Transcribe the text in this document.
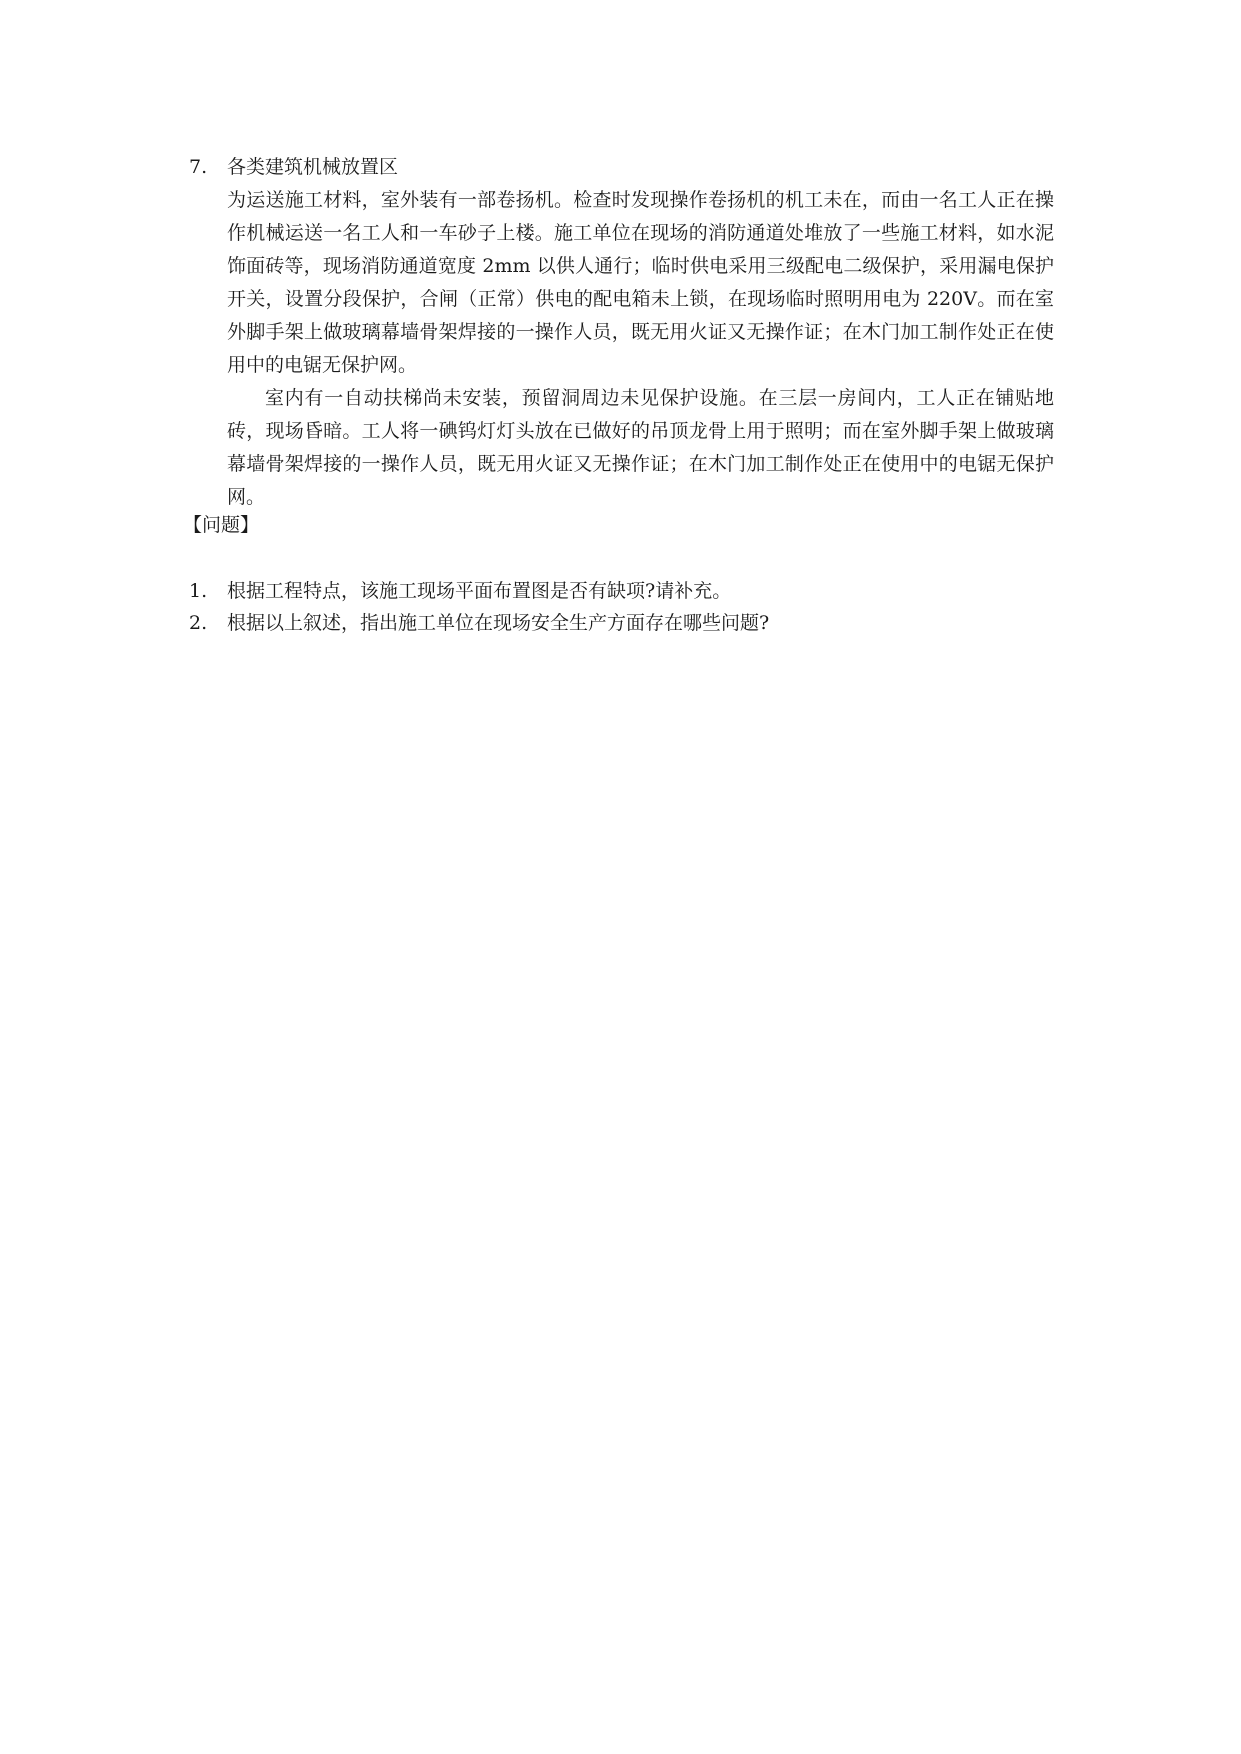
7. 各类建筑机械放置区
为运送施工材料，室外装有一部卷扬机。检查时发现操作卷扬机的机工未在，而由一名工人正在操作机械运送一名工人和一车砂子上楼。施工单位在现场的消防通道处堆放了一些施工材料，如水泥饰面砖等，现场消防通道宽度 2mm 以供人通行；临时供电采用三级配电二级保护，采用漏电保护开关，设置分段保护，合闸（正常）供电的配电箱未上锁，在现场临时照明用电为 220V。而在室外脚手架上做玻璃幕墙骨架焊接的一操作人员，既无用火证又无操作证；在木门加工制作处正在使用中的电锯无保护网。
室内有一自动扶梯尚未安装，预留洞周边未见保护设施。在三层一房间内，工人正在铺贴地砖，现场昏暗。工人将一碘钨灯灯头放在已做好的吊顶龙骨上用于照明；而在室外脚手架上做玻璃幕墙骨架焊接的一操作人员，既无用火证又无操作证；在木门加工制作处正在使用中的电锯无保护网。
【问题】
1. 根据工程特点，该施工现场平面布置图是否有缺项?请补充。
2. 根据以上叙述，指出施工单位在现场安全生产方面存在哪些问题?
